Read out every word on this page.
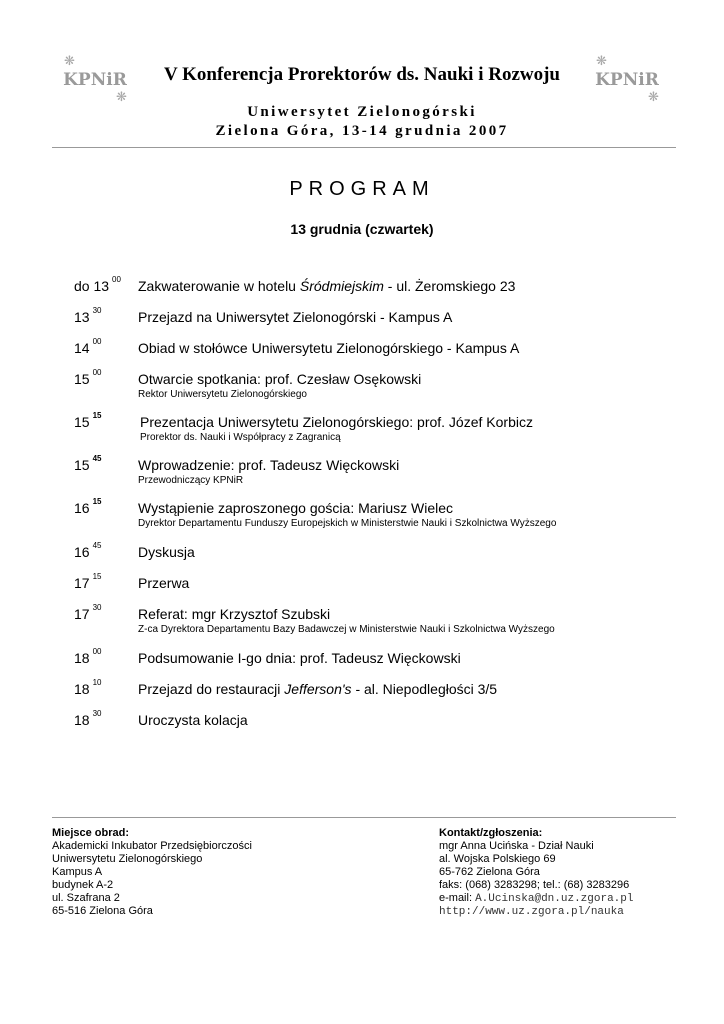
❋
KPNiR
❋
❋
KPNiR
❋
V Konferencja Prorektorów ds. Nauki i Rozwoju
Uniwersytet Zielonogórski
Zielona Góra, 13-14 grudnia 2007
PROGRAM
13 grudnia (czwartek)
do 13 $^{00}$ Zakwaterowanie w hotelu Śródmiejskim - ul. Żeromskiego 23
13 $^{30}$	Przejazd na Uniwersytet Zielonogórski - Kampus A
14 $^{00}$	Obiad w stołówce Uniwersytetu Zielonogórskiego - Kampus A
15 $^{00}$	Otwarcie spotkania: prof. Czesław Osękowski
Rektor Uniwersytetu Zielonogórskiego
15 $^{15}$	Prezentacja Uniwersytetu Zielonogórskiego: prof. Józef Korbicz
Prorektor ds. Nauki i Współpracy z Zagranicą
15 $^{45}$	Wprowadzenie: prof. Tadeusz Więckowski
Przewodniczący KPNiR
16 $^{15}$	Wystąpienie zaproszonego gościa: Mariusz Wielec
Dyrektor Departamentu Funduszy Europejskich w Ministerstwie Nauki i Szkolnictwa Wyższego
16 $^{45}$	Dyskusja
17 $^{15}$	Przerwa
17 $^{30}$	Referat: mgr Krzysztof Szubski
Z-ca Dyrektora Departamentu Bazy Badawczej w Ministerstwie Nauki i Szkolnictwa Wyższego
18 $^{00}$	Podsumowanie I-go dnia: prof. Tadeusz Więckowski
18 $^{10}$	Przejazd do restauracji Jefferson's - al. Niepodległości 3/5
18 $^{30}$	Uroczysta kolacja
Miejsce obrad:
Akademicki Inkubator Przedsiębiorczości
Uniwersytetu Zielonogórskiego
Kampus A
budynek A-2
ul. Szafrana 2
65-516 Zielona Góra
Kontakt/zgłoszenia:
mgr Anna Ucińska - Dział Nauki
al. Wojska Polskiego 69
65-762 Zielona Góra
faks: (068) 3283298; tel.: (68) 3283296
e-mail: A.Ucinska@dn.uz.zgora.pl
http://www.uz.zgora.pl/nauka
